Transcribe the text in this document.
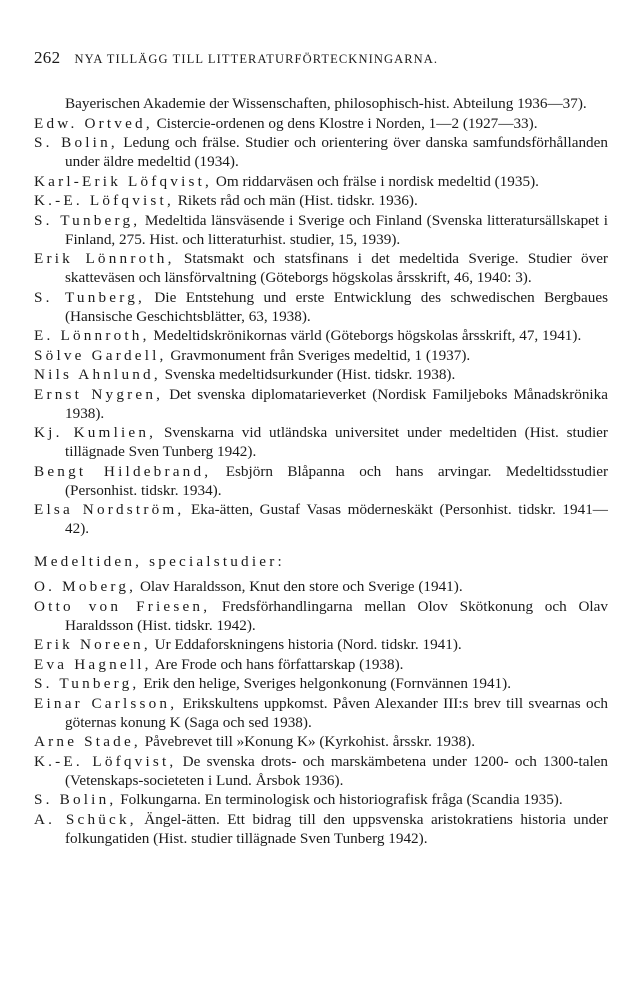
262 NYA TILLÄGG TILL LITTERATURFÖRTECKNINGARNA.
Bayerischen Akademie der Wissenschaften, philosophisch-hist. Abteilung 1936—37).
Edw. Ortved, Cistercie-ordenen og dens Klostre i Norden, 1—2 (1927—33).
S. Bolin, Ledung och frälse. Studier och orientering över danska samfundsförhållanden under äldre medeltid (1934).
Karl-Erik Löfqvist, Om riddarväsen och frälse i nordisk medeltid (1935).
K.-E. Löfqvist, Rikets råd och män (Hist. tidskr. 1936).
S. Tunberg, Medeltida länsväsende i Sverige och Finland (Svenska litteratursällskapet i Finland, 275. Hist. och litteraturhist. studier, 15, 1939).
Erik Lönnroth, Statsmakt och statsfinans i det medeltida Sverige. Studier över skatteväsen och länsförvaltning (Göteborgs högskolas årsskrift, 46, 1940: 3).
S. Tunberg, Die Entstehung und erste Entwicklung des schwedischen Bergbaues (Hansische Geschichtsblätter, 63, 1938).
E. Lönnroth, Medeltidskrönikornas värld (Göteborgs högskolas årsskrift, 47, 1941).
Sölve Gardell, Gravmonument från Sveriges medeltid, 1 (1937).
Nils Ahnlund, Svenska medeltidsurkunder (Hist. tidskr. 1938).
Ernst Nygren, Det svenska diplomatarieverket (Nordisk Familjeboks Månadskrönika 1938).
Kj. Kumlien, Svenskarna vid utländska universitet under medeltiden (Hist. studier tillägnade Sven Tunberg 1942).
Bengt Hildebrand, Esbjörn Blåpanna och hans arvingar. Medeltidsstudier (Personhist. tidskr. 1934).
Elsa Nordström, Eka-ätten, Gustaf Vasas möderneskäkt (Personhist. tidskr. 1941—42).
Medeltiden, specialstudier:
O. Moberg, Olav Haraldsson, Knut den store och Sverige (1941).
Otto von Friesen, Fredsförhandlingarna mellan Olov Skötkonung och Olav Haraldsson (Hist. tidskr. 1942).
Erik Noreen, Ur Eddaforskningens historia (Nord. tidskr. 1941).
Eva Hagnell, Are Frode och hans författarskap (1938).
S. Tunberg, Erik den helige, Sveriges helgonkonung (Fornvännen 1941).
Einar Carlsson, Erikskultens uppkomst. Påven Alexander III:s brev till svearnas och göternas konung K (Saga och sed 1938).
Arne Stade, Påvebrevet till »Konung K» (Kyrkohist. årsskr. 1938).
K.-E. Löfqvist, De svenska drots- och marskämbetena under 1200- och 1300-talen (Vetenskaps-societeten i Lund. Årsbok 1936).
S. Bolin, Folkungarna. En terminologisk och historiografisk fråga (Scandia 1935).
A. Schück, Ängel-ätten. Ett bidrag till den uppsvenska aristokratiens historia under folkungatiden (Hist. studier tillägnade Sven Tunberg 1942).
